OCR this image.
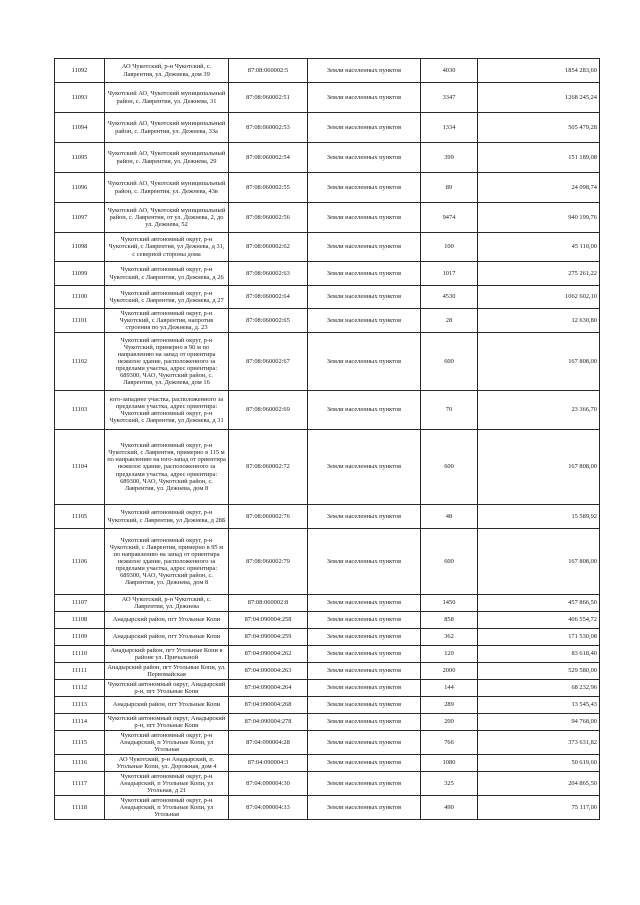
11092	АО Чукотский, р-н Чукотский, с. Лаврентия, ул. Дежнева, дом 39	87:08:060002:5	Земли населенных пунктов	4030	1854 283,60
11093	Чукотский АО, Чукотский муниципальный район, с. Лаврентия, ул. Дежнева, 31	87:08:060002:51	Земли населенных пунктов	3347	1268 245,24
11094	Чукотский АО, Чукотский муниципальный район, с. Лаврентия, ул. Дежнева, 33а	87:08:060002:53	Земли населенных пунктов	1334	505 479,28
11095	Чукотский АО, Чукотский муниципальный район, с. Лаврентия, ул. Дежнева, 29	87:08:060002:54	Земли населенных пунктов	399	151 189,08
11096	Чукотский АО, Чукотский муниципальный район, с. Лаврентия, ул. Дежнева, 43в	87:08:060002:55	Земли населенных пунктов	89	24 098,74
11097	Чукотский АО, Чукотский муниципальный район, с. Лаврентия, от ул. Дежнева, 2, до ул. Дежнева, 52	87:08:060002:56	Земли населенных пунктов	9474	940 199,76
11098	Чукотский автономный округ, р-н Чукотский, с Лаврентия, ул Дежнева, д 31, с северной стороны дома	87:08:060002:62	Земли населенных пунктов	100	45 110,00
11099	Чукотский автономный округ, р-н Чукотский, с Лаврентия, ул Дежнева, д 26	87:08:060002:63	Земли населенных пунктов	1017	275 261,22
11100	Чукотский автономный округ, р-н Чукотский, с Лаврентия, ул Дежнева, д 27	87:08:060002:64	Земли населенных пунктов	4530	1062 602,10
11101	Чукотский автономный округ, р-н Чукотский, с Лаврентия, напротив строения по ул.Дежнева, д. 23	87:08:060002:65	Земли населенных пунктов	28	12 630,80
11102	Чукотский автономный округ, р-н Чукотский, примерно в 90 м по направлению на запад от ориентира нежилое здание, расположенного за пределами участка, адрес ориентира: 689300, ЧАО, Чукотский район, с. Лаврентия, ул. Дежнева, дом 16	87:08:060002:67	Земли населенных пунктов	600	167 808,00
11103	юго-западнее участка, расположенного за пределами участка, адрес ориентира: Чукотский автономный округ, р-н Чукотский, с Лаврентия, ул Дежнева, д 31	87:08:060002:69	Земли населенных пунктов	70	23 366,70
11104	Чукотский автономный округ, р-н Чукотский, с Лаврентия, примерно в 115 м по направлению на юго-запад от ориентира нежилое здание, расположенного за пределами участка, адрес ориентира: 689300, ЧАО, Чукотский район, с. Лаврентия, ул. Дежнева, дом 8	87:08:060002:72	Земли населенных пунктов	600	167 808,00
11105	Чукотский автономный округ, р-н Чукотский, с Лаврентия, ул Дежнева, д 28Б	87:08:060002:76	Земли населенных пунктов	48	15 589,92
11106	Чукотский автономный округ, р-н Чукотский, с Лаврентия, примерно в 95 м по направлению на запад от ориентира нежилое здание, расположенного за пределами участка, адрес ориентира: 689300, ЧАО, Чукотский район, с. Лаврентия, ул. Дежнева, дом 8	87:08:060002:79	Земли населенных пунктов	600	167 808,00
11107	АО Чукотский, р-н Чукотский, с. Лаврентия, ул. Дежнева	87:08:060002:8	Земли населенных пунктов	1450	457 866,50
11108	Анадырский район, пгт Угольные Копи	87:04:090004:258	Земли населенных пунктов	858	406 554,72
11109	Анадырский район, пгт Угольные Копи	87:04:090004:259	Земли населенных пунктов	362	171 530,08
11110	Анадырский район, пгт Угольные Копи в районе ул. Причальной	87:04:090004:262	Земли населенных пунктов	120	83 618,40
11111	Анадырский район, пгт Угольные Копи, ул. Первомайская	87:04:090004:263	Земли населенных пунктов	2000	529 580,00
11112	Чукотский автономный округ, Анадырский р-н, пгт Угольные Копи	87:04:090004:264	Земли населенных пунктов	144	68 232,96
11113	Анадырский район, пгт Угольные Копи	87:04:090004:268	Земли населенных пунктов	289	13 545,43
11114	Чукотский автономный округ, Анадырский р-н, пгт Угольные Копи	87:04:090004:278	Земли населенных пунктов	200	94 768,00
11115	Чукотский автономный округ, р-н Анадырский, п Угольные Копи, ул Угольная	87:04:090004:28	Земли населенных пунктов	766	373 631,82
11116	АО Чукотский, р-н Анадырский, п. Угольные Копи, ул. Дорожная, дом 4	87:04:090004:3	Земли населенных пунктов	1080	50 619,60
11117	Чукотский автономный округ, р-н Анадырский, п Угольные Копи, ул Угольная, д 21	87:04:090004:30	Земли населенных пунктов	325	204 865,50
11118	Чукотский автономный округ, р-н Анадырский, п Угольные Копи, ул Угольная	87:04:090004:33	Земли населенных пунктов	490	75 117,00
